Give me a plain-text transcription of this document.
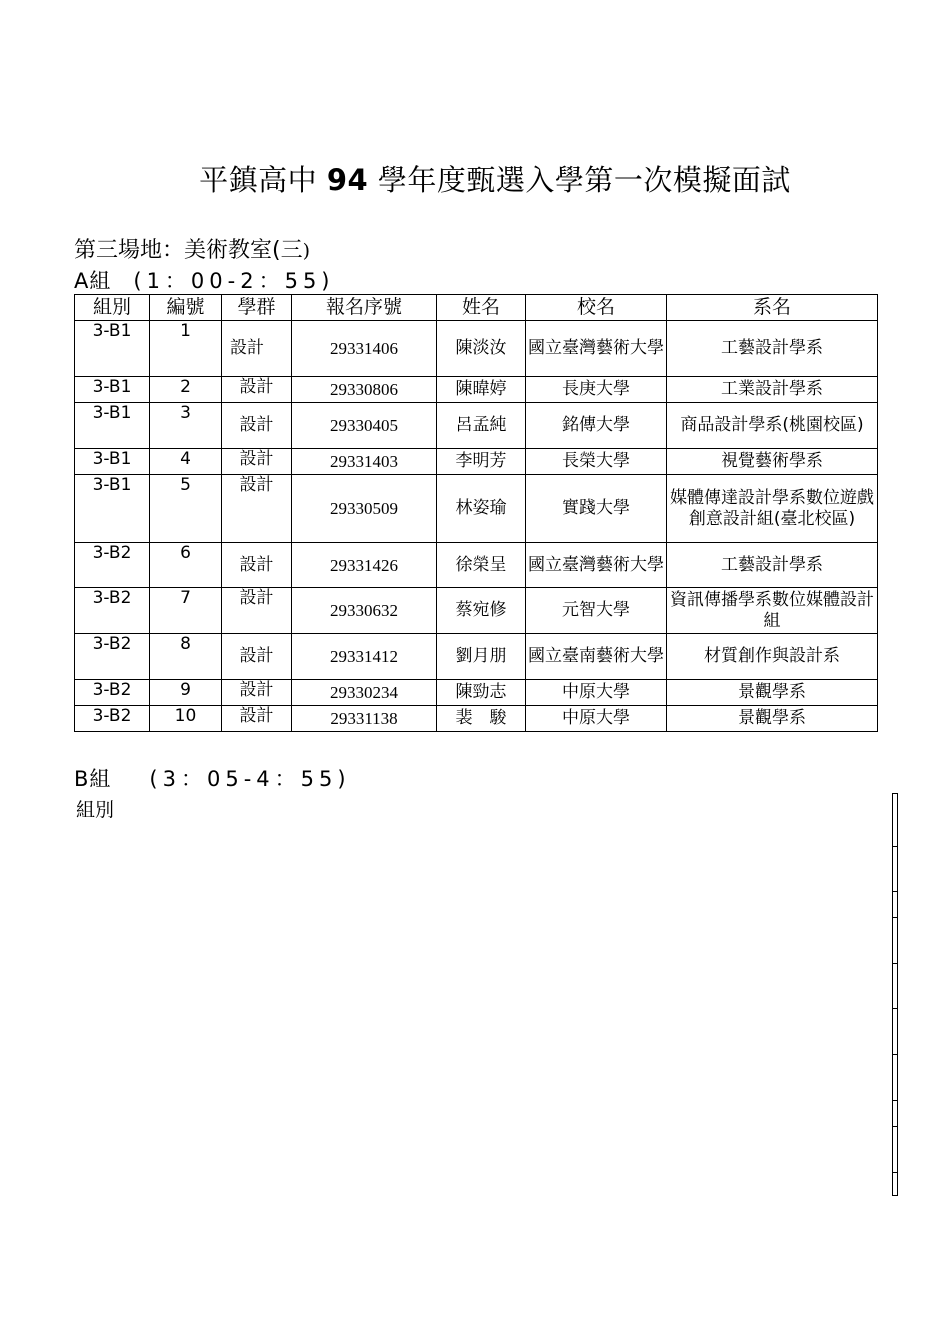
平鎮高中 94 學年度甄選入學第一次模擬面試
第三場地：美術教室(三)
A組 (1：00-2：55)
組別	編號	學群	報名序號	姓名	校名	系名
3-B1	1	設計	29331406	陳淡汝	國立臺灣藝術大學	工藝設計學系
3-B1	2	設計	29330806	陳暐婷	長庚大學	工業設計學系
3-B1	3	設計	29330405	呂孟純	銘傳大學	商品設計學系(桃園校區)
3-B1	4	設計	29331403	李明芳	長榮大學	視覺藝術學系
3-B1	5	設計	29330509	林姿瑜	實踐大學	媒體傳達設計學系數位遊戲創意設計組(臺北校區)
3-B2	6	設計	29331426	徐榮呈	國立臺灣藝術大學	工藝設計學系
3-B2	7	設計	29330632	蔡宛修	元智大學	資訊傳播學系數位媒體設計組
3-B2	8	設計	29331412	劉月朋	國立臺南藝術大學	材質創作與設計系
3-B2	9	設計	29330234	陳勁志	中原大學	景觀學系
3-B2	10	設計	29331138	裴　駿	中原大學	景觀學系
B組 (3：05-4：55)
組別
